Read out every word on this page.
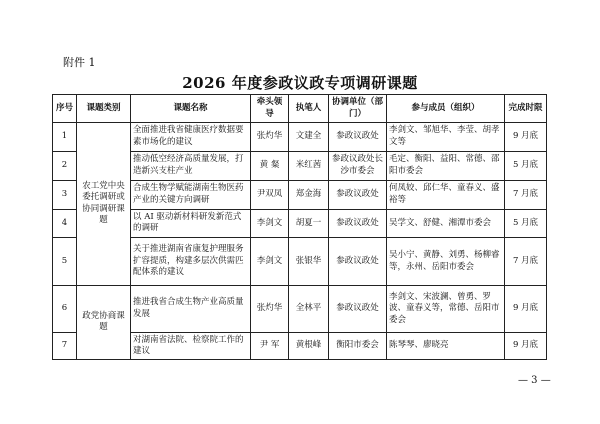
附件 1
2026 年度参政议政专项调研课题
序号	课题类别	课题名称	牵头领导	执笔人	协调单位（部门）	参与成员（组织）	完成时限
1	农工党中央委托调研或协同调研课题	全面推进我省健康医疗数据要素市场化的建议	张灼华	文建全	参政议政处	李剑文、邹旭华、李莹、胡孝文等	9 月底
2		推动低空经济高质量发展，打造新兴支柱产业	黄 粲	米红茜	参政议政处长沙市委会	毛定、衡阳、益阳、常德、邵阳市委会	5 月底
3		合成生物学赋能湖南生物医药产业的关键方向调研	尹双凤	郑金海	参政议政处	何凤姣、邱仁华、童春义、盛裕等	7 月底
4		以 AI 驱动新材料研发新范式的调研	李剑文	胡夏一	参政议政处	吴学文、舒健、湘潭市委会	5 月底
5		关于推进湖南省康复护理服务扩容提质，构建多层次供需匹配体系的建议	李剑文	张银华	参政议政处	吴小宁、黄静、刘勇、杨柳睿等，永州、岳阳市委会	7 月底
6	政党协商课题	推进我省合成生物产业高质量发展	张灼华	全林平	参政议政处	李剑文、宋波澜、曾勇、罗波、童春义等，常德、岳阳市委会	9 月底
7		对湖南省法院、检察院工作的建议	尹 军	黄根峰	衡阳市委会	陈琴琴、廖晓亮	9 月底
— 3 —
